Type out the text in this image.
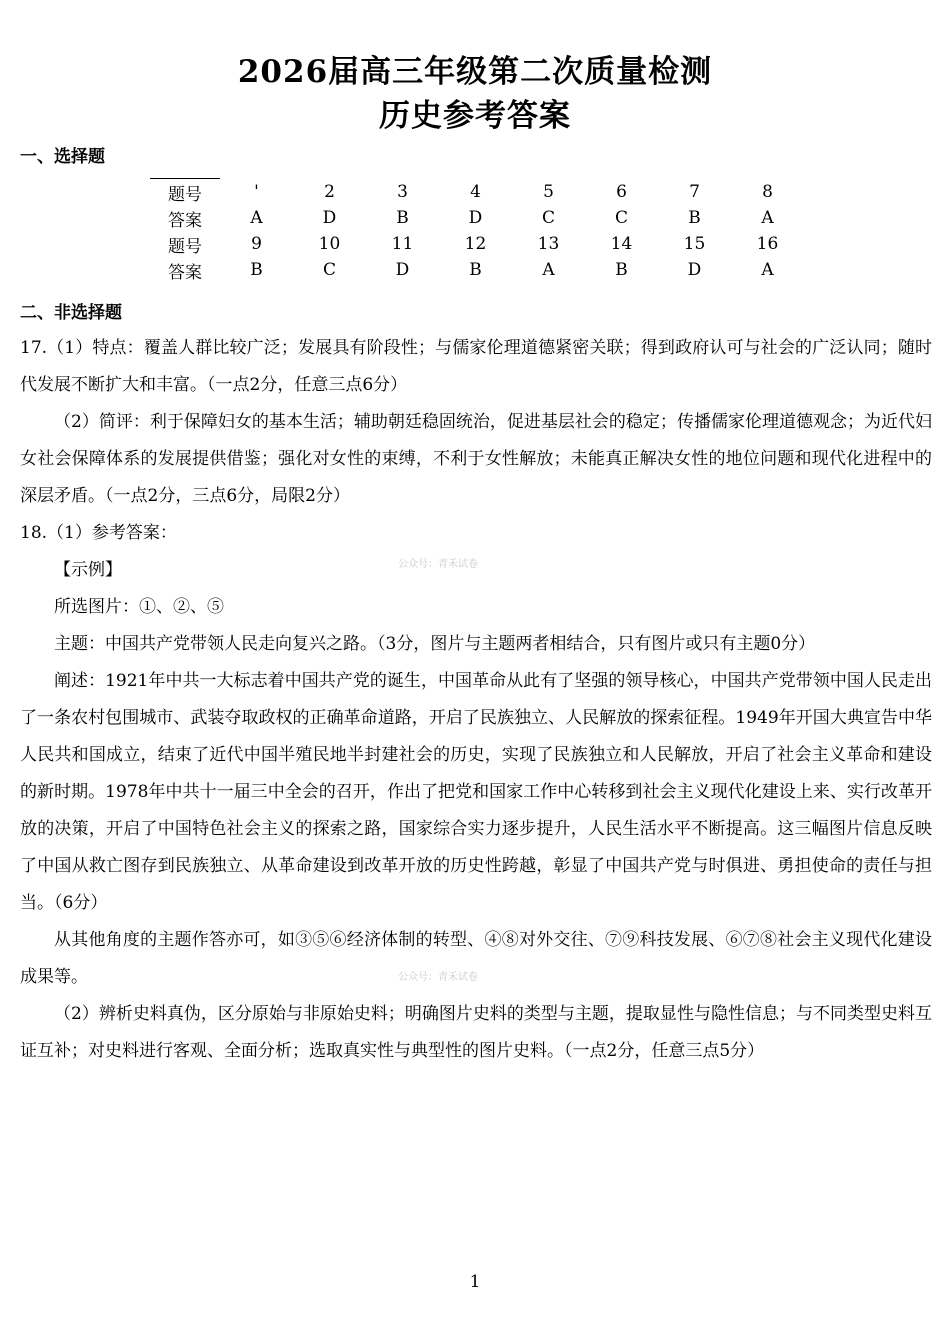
2026届高三年级第二次质量检测
历史参考答案
一、选择题
题号	'	2	3	4	5	6	7	8
答案	A	D	B	D	C	C	B	A
题号	9	10	11	12	13	14	15	16
答案	B	C	D	B	A	B	D	A
二、非选择题

17.（1）特点：覆盖人群比较广泛；发展具有阶段性；与儒家伦理道德紧密关联；得到政府认可与社会的广泛认同；随时代发展不断扩大和丰富。（一点2分，任意三点6分）

（2）简评：利于保障妇女的基本生活；辅助朝廷稳固统治，促进基层社会的稳定；传播儒家伦理道德观念；为近代妇女社会保障体系的发展提供借鉴；强化对女性的束缚，不利于女性解放；未能真正解决女性的地位问题和现代化进程中的深层矛盾。（一点2分，三点6分，局限2分）

18.（1）参考答案：

【示例】

所选图片：①、②、⑤

主题：中国共产党带领人民走向复兴之路。（3分，图片与主题两者相结合，只有图片或只有主题0分）

阐述：1921年中共一大标志着中国共产党的诞生，中国革命从此有了坚强的领导核心，中国共产党带领中国人民走出了一条农村包围城市、武装夺取政权的正确革命道路，开启了民族独立、人民解放的探索征程。1949年开国大典宣告中华人民共和国成立，结束了近代中国半殖民地半封建社会的历史，实现了民族独立和人民解放，开启了社会主义革命和建设的新时期。1978年中共十一届三中全会的召开，作出了把党和国家工作中心转移到社会主义现代化建设上来、实行改革开放的决策，开启了中国特色社会主义的探索之路，国家综合实力逐步提升，人民生活水平不断提高。这三幅图片信息反映了中国从救亡图存到民族独立、从革命建设到改革开放的历史性跨越，彰显了中国共产党与时俱进、勇担使命的责任与担当。（6分）

从其他角度的主题作答亦可，如③⑤⑥经济体制的转型、④⑧对外交往、⑦⑨科技发展、⑥⑦⑧社会主义现代化建设成果等。

（2）辨析史料真伪，区分原始与非原始史料；明确图片史料的类型与主题，提取显性与隐性信息；与不同类型史料互证互补；对史料进行客观、全面分析；选取真实性与典型性的图片史料。（一点2分，任意三点5分）

公众号：青禾试卷
公众号：青禾试卷
1
